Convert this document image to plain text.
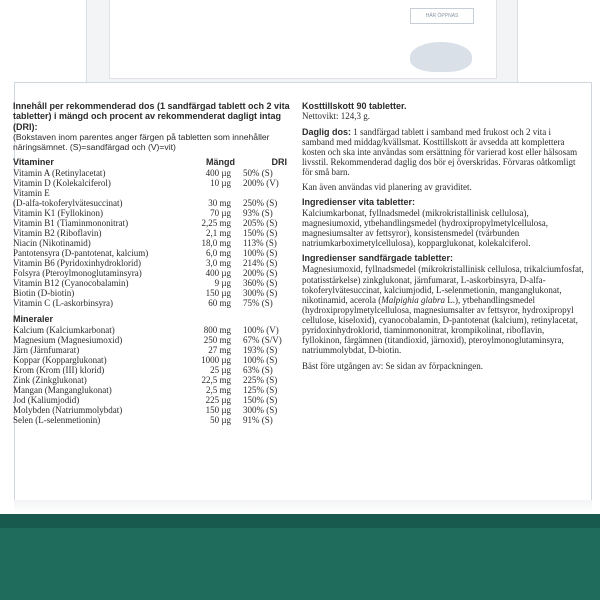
HÄR ÖPPNAS
Innehåll per rekommenderad dos (1 sandfärgad tablett och 2 vita tabletter) i mängd och procent av rekommenderat dagligt intag (DRI):
(Bokstaven inom parentes anger färgen på tabletten som innehåller näringsämnet. (S)=sandfärgad och (V)=vit)
Vitaminer	Mängd	DRI
Vitamin A (Retinylacetat)	400 µg	50% (S)
Vitamin D (Kolekalciferol)	10 µg	200% (V)
Vitamin E
(D-alfa-tokoferylvätesuccinat)	30 mg	250% (S)
Vitamin K1 (Fyllokinon)	70 µg	93% (S)
Vitamin B1 (Tiaminmononitrat)	2,25 mg	205% (S)
Vitamin B2 (Riboflavin)	2,1 mg	150% (S)
Niacin (Nikotinamid)	18,0 mg	113% (S)
Pantotensyra (D-pantotenat, kalcium)	6,0 mg	100% (S)
Vitamin B6 (Pyridoxinhydroklorid)	3,0 mg	214% (S)
Folsyra (Pteroylmonoglutaminsyra)	400 µg	200% (S)
Vitamin B12 (Cyanocobalamin)	9 µg	360% (S)
Biotin (D-biotin)	150 µg	300% (S)
Vitamin C (L-askorbinsyra)	60 mg	75% (S)
Mineraler
Kalcium (Kalciumkarbonat)	800 mg	100% (V)
Magnesium (Magnesiumoxid)	250 mg	67% (S/V)
Järn (Järnfumarat)	27 mg	193% (S)
Koppar (Kopparglukonat)	1000 µg	100% (S)
Krom (Krom (III) klorid)	25 µg	63% (S)
Zink (Zinkglukonat)	22,5 mg	225% (S)
Mangan (Manganglukonat)	2,5 mg	125% (S)
Jod (Kaliumjodid)	225 µg	150% (S)
Molybden (Natriummolybdat)	150 µg	300% (S)
Selen (L-selenmetionin)	50 µg	91% (S)
Kosttillskott 90 tabletter.
Nettovikt: 124,3 g.
Daglig dos: 1 sandfärgad tablett i samband med frukost och 2 vita i samband med middag/kvällsmat. Kosttillskott är avsedda att komplettera kosten och ska inte användas som ersättning för varierad kost eller hälsosam livsstil. Rekommenderad daglig dos bör ej överskridas. Förvaras oåtkomligt för små barn.
Kan även användas vid planering av graviditet.
Ingredienser vita tabletter:
Kalciumkarbonat, fyllnadsmedel (mikrokristallinisk cellulosa), magnesiumoxid, ytbehandlingsmedel (hydroxipropylmetylcellulosa, magnesiumsalter av fettsyror), konsistensmedel (tvärbunden natriumkarboximetylcellulosa), kopparglukonat, kolekalciferol.
Ingredienser sandfärgade tabletter:
Magnesiumoxid, fyllnadsmedel (mikrokristallinisk cellulosa, trikalciumfosfat, potatisstärkelse) zinkglukonat, järnfumarat, L-askorbinsyra, D-alfa-tokoferylvätesuccinat, kalciumjodid, L-selenmetionin, manganglukonat, nikotinamid, acerola (Malpighia glabra L.), ytbehandlingsmedel (hydroxipropylmetylcellulosa, magnesiumsalter av fettsyror, hydroxipropyl cellulose, kiseloxid), cyanocobalamin, D-pantotenat (kalcium), retinylacetat, pyridoxinhydroklorid, tiaminmononitrat, krompikolinat, riboflavin, fyllokinon, färgämnen (titandioxid, järnoxid), pteroylmonoglutaminsyra, natriummolybdat, D-biotin.
Bäst före utgången av: Se sidan av förpackningen.
